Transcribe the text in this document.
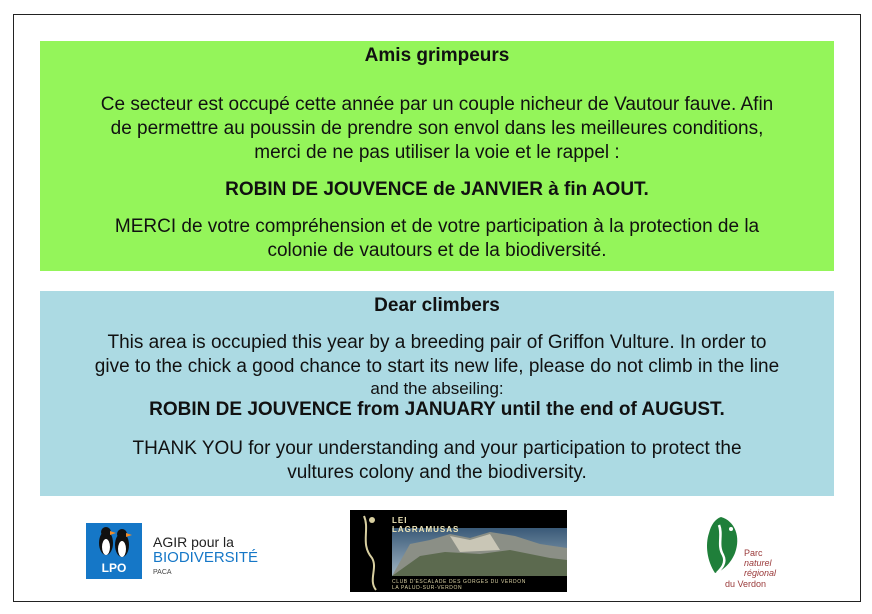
Amis grimpeurs
Ce secteur est occupé cette année par un couple nicheur de Vautour fauve. Afin
de permettre au poussin de prendre son envol dans les meilleures conditions,
merci de ne pas utiliser la voie et le rappel :
ROBIN DE JOUVENCE de JANVIER à fin AOUT.
MERCI de votre compréhension et de votre participation à la protection de la
colonie de vautours et de la biodiversité.
Dear climbers
This area is occupied this year by a breeding pair of Griffon Vulture. In order to
give to the chick a good chance to start its new life, please do not climb in the line
and the abseiling:
ROBIN DE JOUVENCE from JANUARY until the end of AUGUST.
THANK YOU for your understanding and your participation to protect the
vultures colony and the biodiversity.
LPO
AGIR pour la
BIODIVERSITÉ
PACA
LEI
LAGRAMUSAS
CLUB D'ESCALADE DES GORGES DU VERDON
LA PALUD-SUR-VERDON
Parc
naturel
régional
du Verdon
